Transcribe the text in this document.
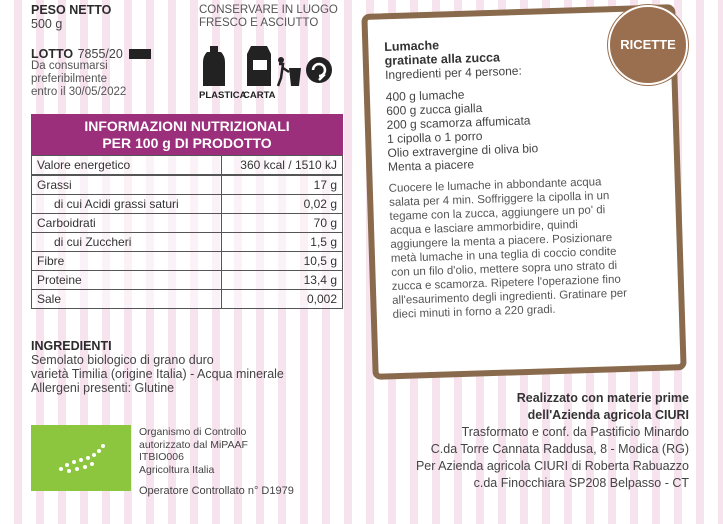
PESO NETTO
500 g
LOTTO 7855/20
Da consumarsi
preferibilmente
entro il 30/05/2022
CONSERVARE IN LUOGO
FRESCO E ASCIUTTO
PLASTICA
CARTA
INFORMAZIONI NUTRIZIONALI
PER 100 g DI PRODOTTO
Valore energetico	360 kcal / 1510 kJ
Grassi	17 g
di cui Acidi grassi saturi	0,02 g
Carboidrati	70 g
di cui Zuccheri	1,5 g
Fibre	10,5 g
Proteine	13,4 g
Sale	0,002
INGREDIENTI
Semolato biologico di grano duro
varietà Timilia (origine Italia) - Acqua minerale
Allergeni presenti: Glutine
Organismo di Controllo
autorizzato dal MiPAAF
ITBIO006
Agricoltura Italia
Operatore Controllato n° D1979
RICETTE
Lumache
gratinate alla zucca
Ingredienti per 4 persone:
400 g lumache
600 g zucca gialla
200 g scamorza affumicata
1 cipolla o 1 porro
Olio extravergine di oliva bio
Menta a piacere
Cuocere le lumache in abbondante acqua
salata per 4 min. Soffriggere la cipolla in un
tegame con la zucca, aggiungere un po' di
acqua e lasciare ammorbidire, quindi
aggiungere la menta a piacere. Posizionare
metà lumache in una teglia di coccio condite
con un filo d'olio, mettere sopra uno strato di
zucca e scamorza. Ripetere l'operazione fino
all'esaurimento degli ingredienti. Gratinare per
dieci minuti in forno a 220 gradi.
Realizzato con materie prime
dell'Azienda agricola CIURI
Trasformato e conf. da Pastificio Minardo
C.da Torre Cannata Raddusa, 8 - Modica (RG)
Per Azienda agricola CIURI di Roberta Rabuazzo
c.da Finocchiara SP208 Belpasso - CT
